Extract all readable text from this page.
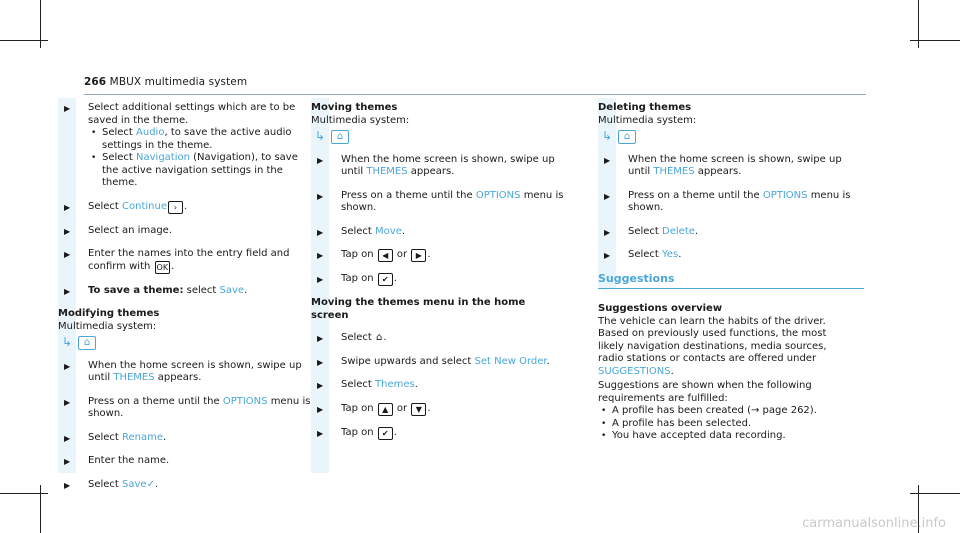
266 MBUX multimedia system
▶ Select additional settings which are to be saved in the theme.
• Select Audio, to save the active audio settings in the theme.
• Select Navigation (Navigation), to save the active navigation settings in the theme.
▶ Select Continue › .
▶ Select an image.
▶ Enter the names into the entry field and confirm with OK .
▶ To save a theme: select Save.
Modifying themes
Multimedia system:
↳ ⌂
▶ When the home screen is shown, swipe up until THEMES appears.
▶ Press on a theme until the OPTIONS menu is shown.
▶ Select Rename.
▶ Enter the name.
▶ Select Save✓.
Moving themes
Multimedia system:
↳ ⌂
▶ When the home screen is shown, swipe up until THEMES appears.
▶ Press on a theme until the OPTIONS menu is shown.
▶ Select Move.
▶ Tap on ◀ or ▶ .
▶ Tap on ✔ .
Moving the themes menu in the home screen
▶ Select ⌂.
▶ Swipe upwards and select Set New Order.
▶ Select Themes.
▶ Tap on ▲ or ▼ .
▶ Tap on ✔ .
Deleting themes
Multimedia system:
↳ ⌂
▶ When the home screen is shown, swipe up until THEMES appears.
▶ Press on a theme until the OPTIONS menu is shown.
▶ Select Delete.
▶ Select Yes.
Suggestions
Suggestions overview
The vehicle can learn the habits of the driver. Based on previously used functions, the most likely navigation destinations, media sources, radio stations or contacts are offered under SUGGESTIONS.
Suggestions are shown when the following requirements are fulfilled:
• A profile has been created (→ page 262).
• A profile has been selected.
• You have accepted data recording.
carmanualsonline.info
